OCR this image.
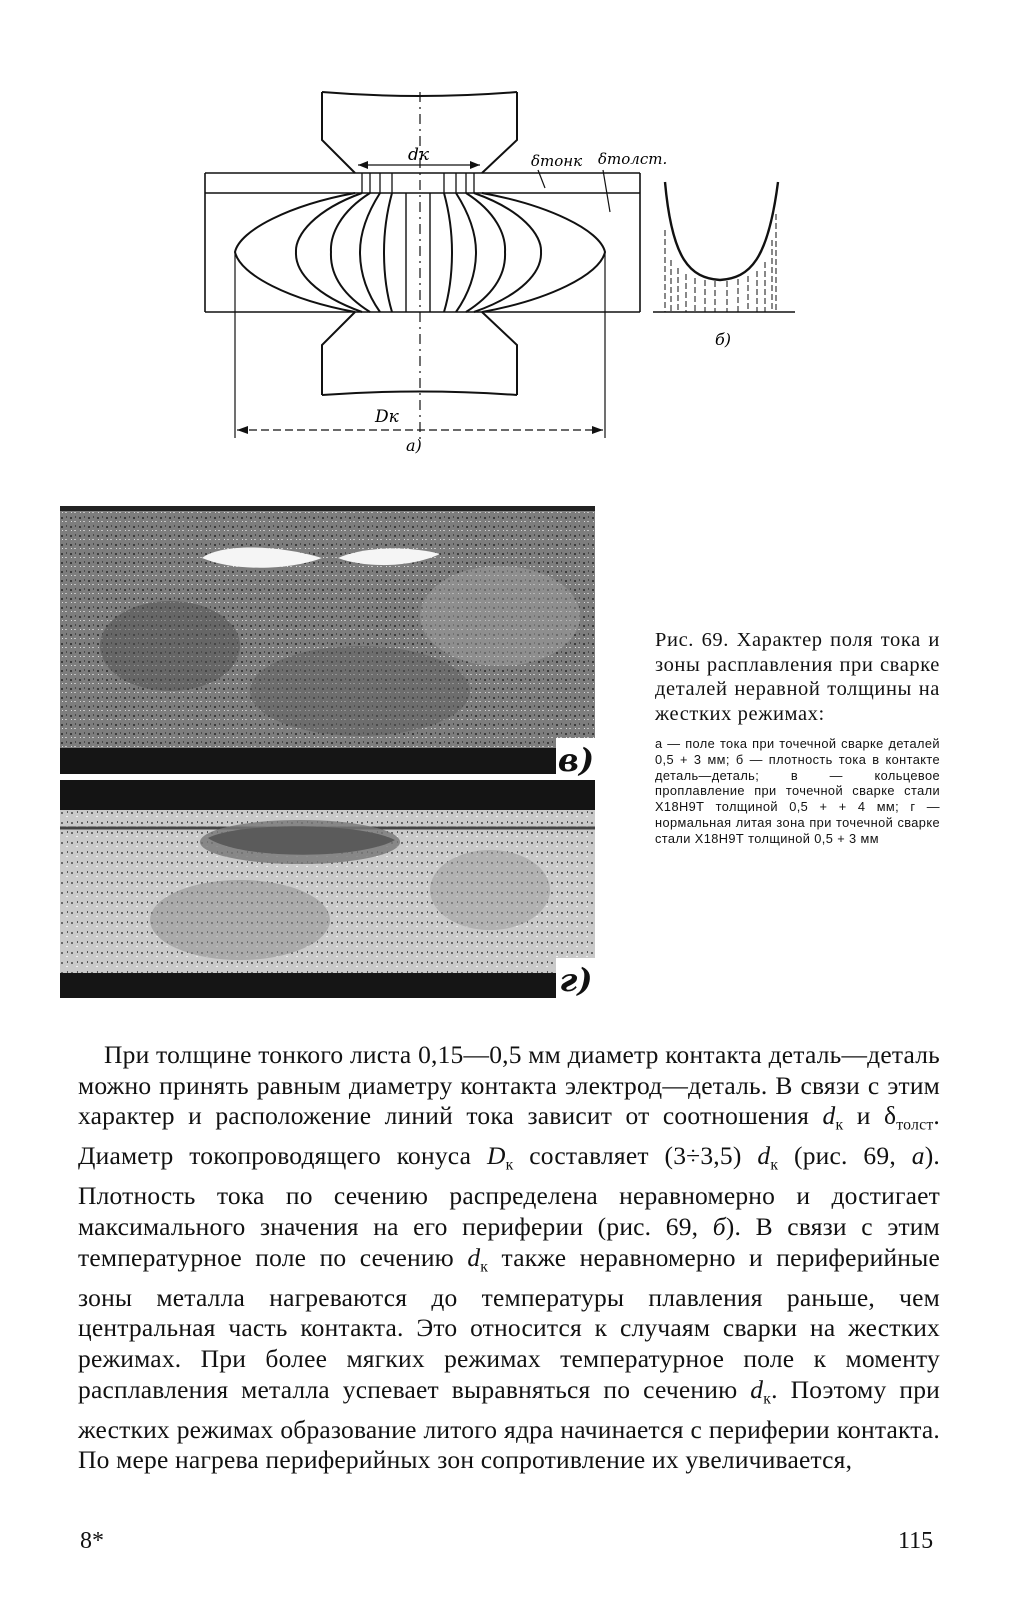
dк	δтонк δтолст.
Dк
а)
б)
в)
г)

Рис. 69. Характер поля тока и зоны расплавления при сварке деталей неравной толщины на жестких режимах:

а — поле тока при точечной сварке деталей 0,5 + 3 мм; б — плотность тока в контакте деталь—деталь; в — кольцевое проплавление при точечной сварке стали Х18Н9Т толщиной 0,5 + + 4 мм; г — нормальная литая зона при точечной сварке стали Х18Н9Т толщиной 0,5 + 3 мм

При толщине тонкого листа 0,15—0,5 мм диаметр контакта деталь—деталь можно принять равным диаметру контакта электрод—деталь. В связи с этим характер и расположение линий тока зависит от соотношения $d_к$ и $\delta_{толст}$. Диаметр токопроводящего конуса $D_к$ составляет (3÷3,5) $d_к$ (рис. 69, а). Плотность тока по сечению распределена неравномерно и достигает максимального значения на его периферии (рис. 69, б). В связи с этим температурное поле по сечению $d_к$ также неравномерно и периферийные зоны металла нагреваются до температуры плавления раньше, чем центральная часть контакта. Это относится к случаям сварки на жестких режимах. При более мягких режимах температурное поле к моменту расплавления металла успевает выравняться по сечению $d_к$. Поэтому при жестких режимах образование литого ядра начинается с периферии контакта. По мере нагрева периферийных зон сопротивление их увеличивается,

8*	115
